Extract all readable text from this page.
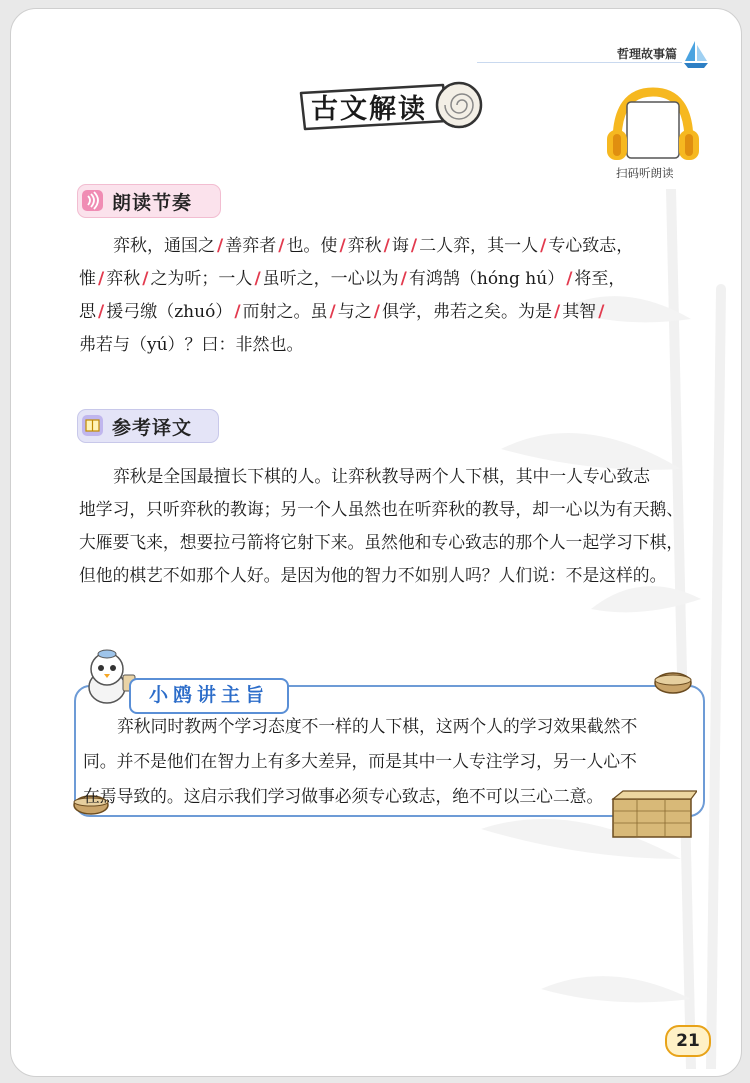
哲理故事篇
古文解读
扫码听朗读
朗读节奏
弈秋，通国之 / 善弈者 / 也。使 / 弈秋 / 诲 / 二人弈，其一人 / 专心致志，
惟 / 弈秋 / 之为听；一人 / 虽听之，一心以为 / 有鸿鹄（hóng hú） / 将至，
思 / 援弓缴（zhuó） / 而射之。虽 / 与之 / 俱学，弗若之矣。为是 / 其智 /
弗若与（yú）？曰：非然也。
参考译文
弈秋是全国最擅长下棋的人。让弈秋教导两个人下棋，其中一人专心致志
地学习，只听弈秋的教诲；另一个人虽然也在听弈秋的教导，却一心以为有天鹅、
大雁要飞来，想要拉弓箭将它射下来。虽然他和专心致志的那个人一起学习下棋，
但他的棋艺不如那个人好。是因为他的智力不如别人吗？人们说：不是这样的。
小鸥讲主旨
弈秋同时教两个学习态度不一样的人下棋，这两个人的学习效果截然不
同。并不是他们在智力上有多大差异，而是其中一人专注学习，另一人心不
在焉导致的。这启示我们学习做事必须专心致志，绝不可以三心二意。
21
